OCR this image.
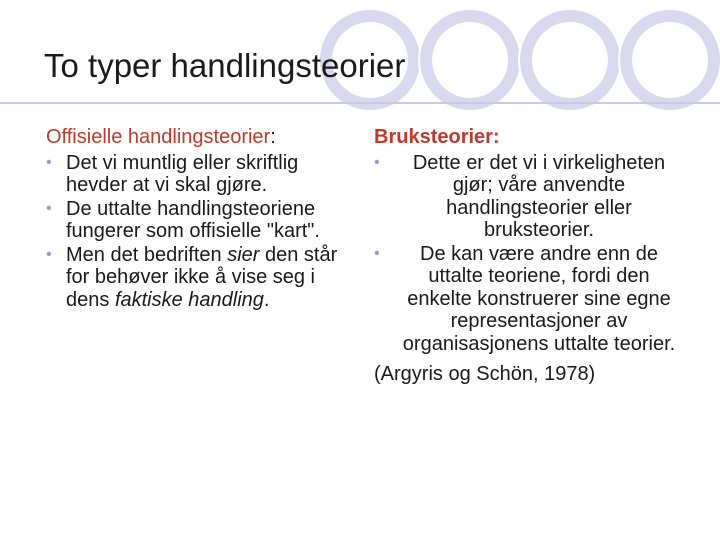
To typer handlingsteorier
Offisielle handlingsteorier:
• Det vi muntlig eller skriftlig hevder at vi skal gjøre.
• De uttalte handlingsteoriene fungerer som offisielle "kart".
• Men det bedriften sier den står for behøver ikke å vise seg i dens faktiske handling.
Bruksteorier:
•	Dette er det vi i virkeligheten gjør; våre anvendte handlingsteorier eller bruksteorier.
•	De kan være andre enn de uttalte teoriene, fordi den enkelte konstruerer sine egne representasjoner av organisasjonens uttalte teorier.
(Argyris og Schön, 1978)
